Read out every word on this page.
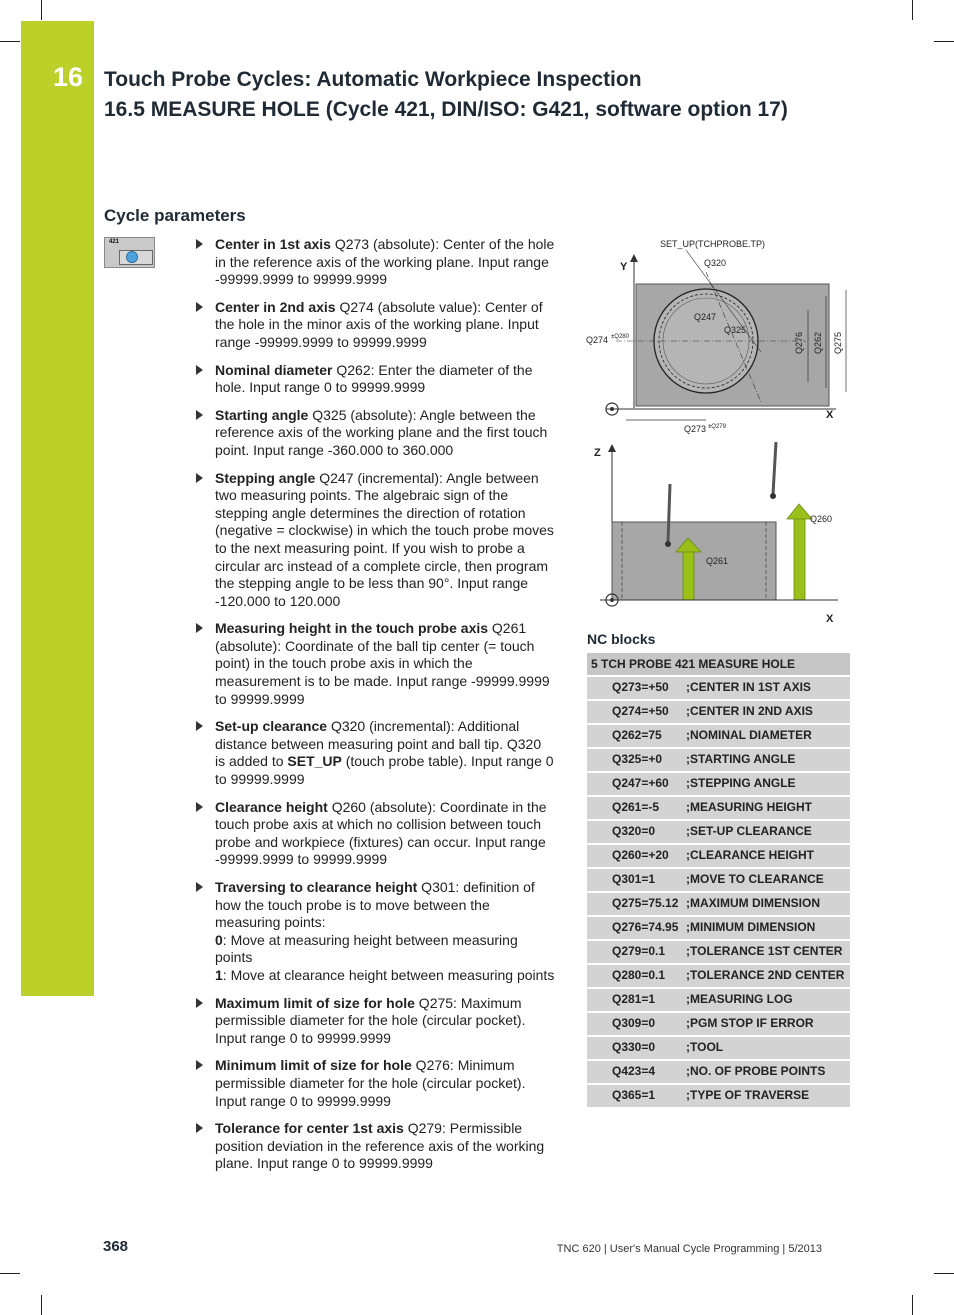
16 Touch Probe Cycles: Automatic Workpiece Inspection
16.5 MEASURE HOLE (Cycle 421, DIN/ISO: G421, software option 17)
Cycle parameters
421	Center in 1st axis Q273 (absolute): Center of the hole in the reference axis of the working plane. Input range -99999.9999 to 99999.9999
Center in 2nd axis Q274 (absolute value): Center of the hole in the minor axis of the working plane. Input range -99999.9999 to 99999.9999
Nominal diameter Q262: Enter the diameter of the hole. Input range 0 to 99999.9999
Starting angle Q325 (absolute): Angle between the reference axis of the working plane and the first touch point. Input range -360.000 to 360.000
Stepping angle Q247 (incremental): Angle between two measuring points. The algebraic sign of the stepping angle determines the direction of rotation (negative = clockwise) in which the touch probe moves to the next measuring point. If you wish to probe a circular arc instead of a complete circle, then program the stepping angle to be less than 90°. Input range -120.000 to 120.000
Measuring height in the touch probe axis Q261 (absolute): Coordinate of the ball tip center (= touch point) in the touch probe axis in which the measurement is to be made. Input range -99999.9999 to 99999.9999
Set-up clearance Q320 (incremental): Additional distance between measuring point and ball tip. Q320 is added to SET_UP (touch probe table). Input range 0 to 99999.9999
Clearance height Q260 (absolute): Coordinate in the touch probe axis at which no collision between touch probe and workpiece (fixtures) can occur. Input range -99999.9999 to 99999.9999
Traversing to clearance height Q301: definition of how the touch probe is to move between the measuring points:
0: Move at measuring height between measuring points
1: Move at clearance height between measuring points
Maximum limit of size for hole Q275: Maximum permissible diameter for the hole (circular pocket). Input range 0 to 99999.9999
Minimum limit of size for hole Q276: Minimum permissible diameter for the hole (circular pocket). Input range 0 to 99999.9999
Tolerance for center 1st axis Q279: Permissible position deviation in the reference axis of the working plane. Input range 0 to 99999.9999
SET_UP(TCHPROBE.TP)
Y	Q320
Q247
Q325
Q274 ±Q280	Q276 Q262 Q275
X
Q273 ±Q279
Z
Q261
Q260
X
NC blocks
5 TCH PROBE 421 MEASURE HOLE
Q273=+50	;CENTER IN 1ST AXIS
Q274=+50	;CENTER IN 2ND AXIS
Q262=75	;NOMINAL DIAMETER
Q325=+0	;STARTING ANGLE
Q247=+60	;STEPPING ANGLE
Q261=-5	;MEASURING HEIGHT
Q320=0	;SET-UP CLEARANCE
Q260=+20	;CLEARANCE HEIGHT
Q301=1	;MOVE TO CLEARANCE
Q275=75.12 ;MAXIMUM DIMENSION
Q276=74.95 ;MINIMUM DIMENSION
Q279=0.1	;TOLERANCE 1ST CENTER
Q280=0.1	;TOLERANCE 2ND CENTER
Q281=1	;MEASURING LOG
Q309=0	;PGM STOP IF ERROR
Q330=0	;TOOL
Q423=4	;NO. OF PROBE POINTS
Q365=1	;TYPE OF TRAVERSE
368	TNC 620 | User's Manual Cycle Programming | 5/2013
